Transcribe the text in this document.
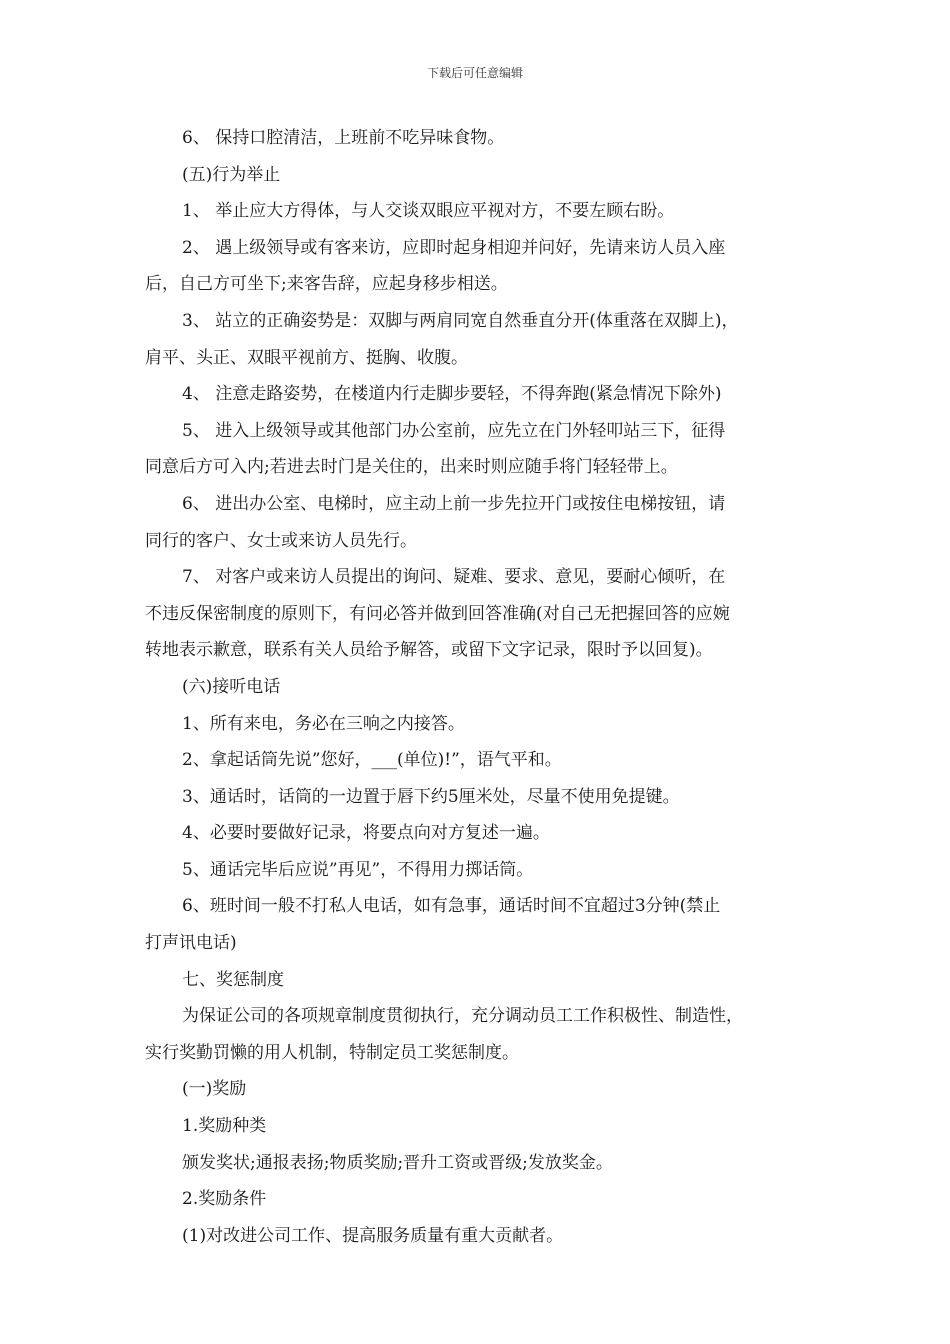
下载后可任意编辑
6、 保持口腔清洁，上班前不吃异味食物。
(五)行为举止
1、 举止应大方得体，与人交谈双眼应平视对方，不要左顾右盼。
2、 遇上级领导或有客来访，应即时起身相迎并问好，先请来访人员入座
后，自己方可坐下;来客告辞，应起身移步相送。
3、 站立的正确姿势是：双脚与两肩同宽自然垂直分开(体重落在双脚上)，
肩平、头正、双眼平视前方、挺胸、收腹。
4、 注意走路姿势，在楼道内行走脚步要轻，不得奔跑(紧急情况下除外)
5、 进入上级领导或其他部门办公室前，应先立在门外轻叩站三下，征得
同意后方可入内;若进去时门是关住的，出来时则应随手将门轻轻带上。
6、 进出办公室、电梯时，应主动上前一步先拉开门或按住电梯按钮，请
同行的客户、女士或来访人员先行。
7、 对客户或来访人员提出的询问、疑难、要求、意见，要耐心倾听，在
不违反保密制度的原则下，有问必答并做到回答准确(对自己无把握回答的应婉
转地表示歉意，联系有关人员给予解答，或留下文字记录，限时予以回复)。
(六)接听电话
1、所有来电，务必在三响之内接答。
2、拿起话筒先说”您好，___(单位)!”，语气平和。
3、通话时，话筒的一边置于唇下约5厘米处，尽量不使用免提键。
4、必要时要做好记录，将要点向对方复述一遍。
5、通话完毕后应说”再见”，不得用力掷话筒。
6、班时间一般不打私人电话，如有急事，通话时间不宜超过3分钟(禁止
打声讯电话)
七、奖惩制度
为保证公司的各项规章制度贯彻执行，充分调动员工工作积极性、制造性，
实行奖勤罚懒的用人机制，特制定员工奖惩制度。
(一)奖励
1.奖励种类
颁发奖状;通报表扬;物质奖励;晋升工资或晋级;发放奖金。
2.奖励条件
(1)对改进公司工作、提高服务质量有重大贡献者。
